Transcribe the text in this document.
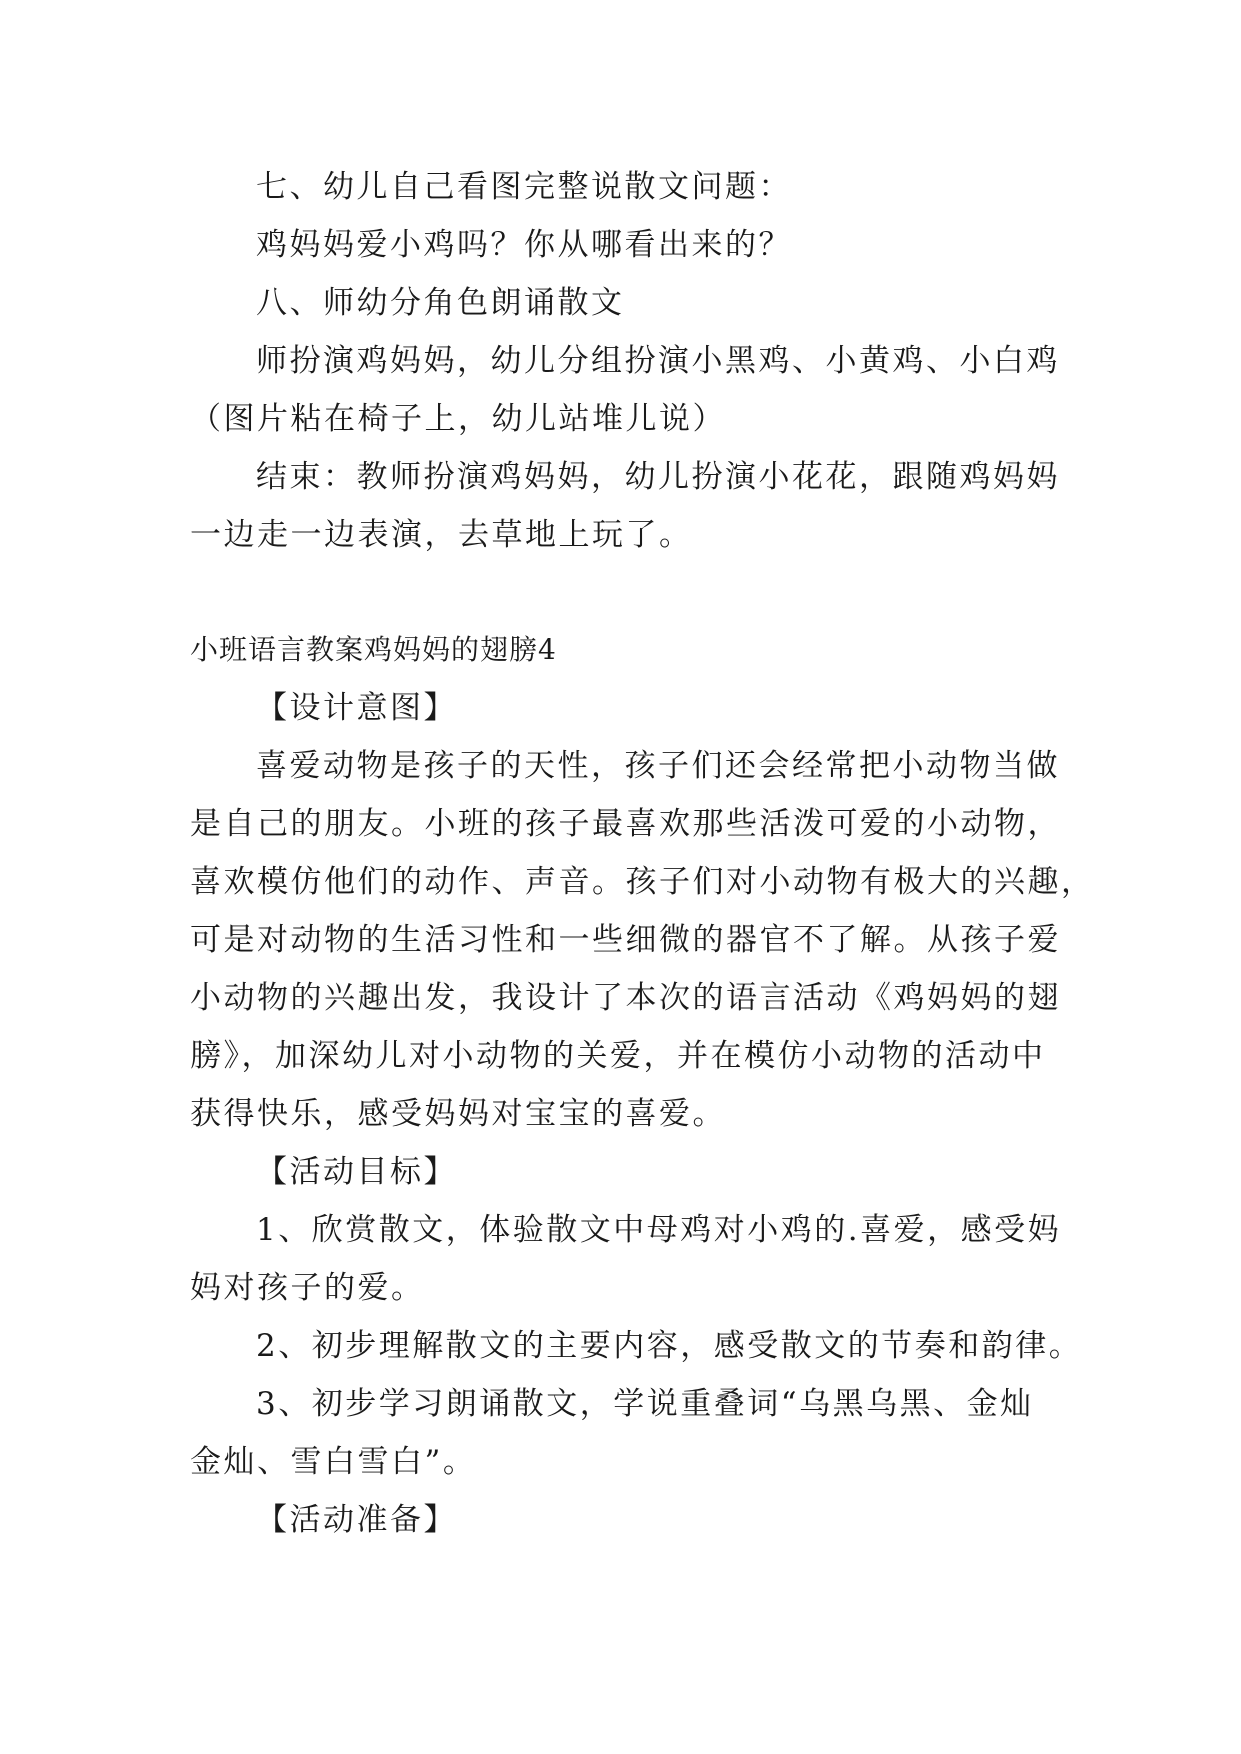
七、幼儿自己看图完整说散文问题：
鸡妈妈爱小鸡吗？你从哪看出来的？
八、师幼分角色朗诵散文
师扮演鸡妈妈，幼儿分组扮演小黑鸡、小黄鸡、小白鸡
（图片粘在椅子上，幼儿站堆儿说）
结束：教师扮演鸡妈妈，幼儿扮演小花花，跟随鸡妈妈
一边走一边表演，去草地上玩了。
小班语言教案鸡妈妈的翅膀4
【设计意图】
喜爱动物是孩子的天性，孩子们还会经常把小动物当做
是自己的朋友。小班的孩子最喜欢那些活泼可爱的小动物，
喜欢模仿他们的动作、声音。孩子们对小动物有极大的兴趣，
可是对动物的生活习性和一些细微的器官不了解。从孩子爱
小动物的兴趣出发，我设计了本次的语言活动《鸡妈妈的翅
膀》，加深幼儿对小动物的关爱，并在模仿小动物的活动中
获得快乐，感受妈妈对宝宝的喜爱。
【活动目标】
1、欣赏散文，体验散文中母鸡对小鸡的.喜爱，感受妈
妈对孩子的爱。
2、初步理解散文的主要内容，感受散文的节奏和韵律。
3、初步学习朗诵散文，学说重叠词“乌黑乌黑、金灿
金灿、雪白雪白”。
【活动准备】
